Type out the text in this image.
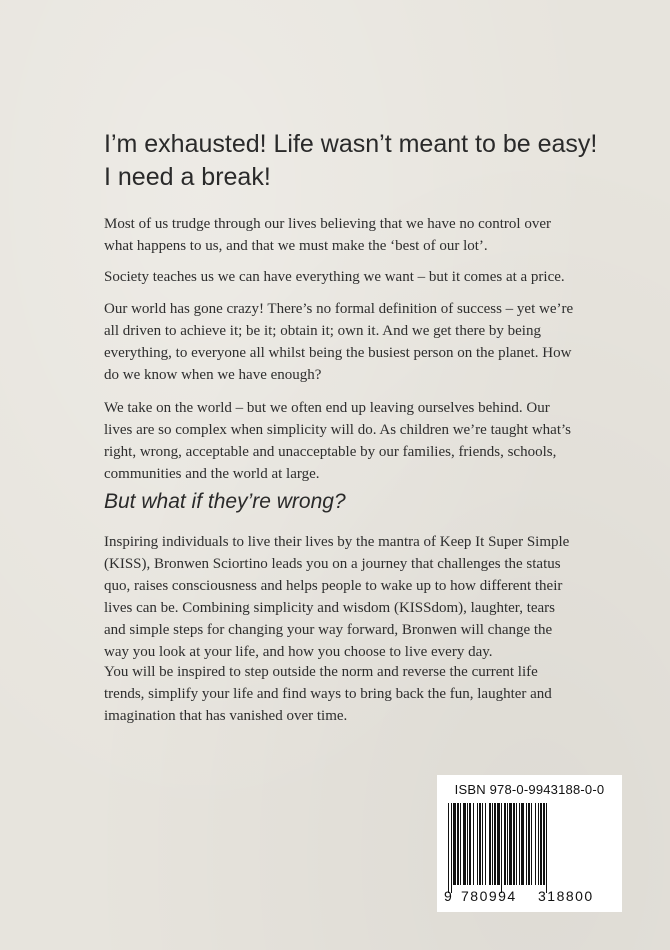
I’m exhausted! Life wasn’t meant to be easy!
I need a break!

Most of us trudge through our lives believing that we have no control over what happens to us, and that we must make the ‘best of our lot’.

Society teaches us we can have everything we want – but it comes at a price.

Our world has gone crazy! There’s no formal definition of success – yet we’re all driven to achieve it; be it; obtain it; own it. And we get there by being everything, to everyone all whilst being the busiest person on the planet. How do we know when we have enough?

We take on the world – but we often end up leaving ourselves behind. Our lives are so complex when simplicity will do. As children we’re taught what’s right, wrong, acceptable and unacceptable by our families, friends, schools, communities and the world at large.

But what if they’re wrong?

Inspiring individuals to live their lives by the mantra of Keep It Super Simple (KISS), Bronwen Sciortino leads you on a journey that challenges the status quo, raises consciousness and helps people to wake up to how different their lives can be. Combining simplicity and wisdom (KISSdom), laughter, tears and simple steps for changing your way forward, Bronwen will change the way you look at your life, and how you choose to live every day.

You will be inspired to step outside the norm and reverse the current life trends, simplify your life and find ways to bring back the fun, laughter and imagination that has vanished over time.

ISBN 978-0-9943188-0-0
9 780994 318800
